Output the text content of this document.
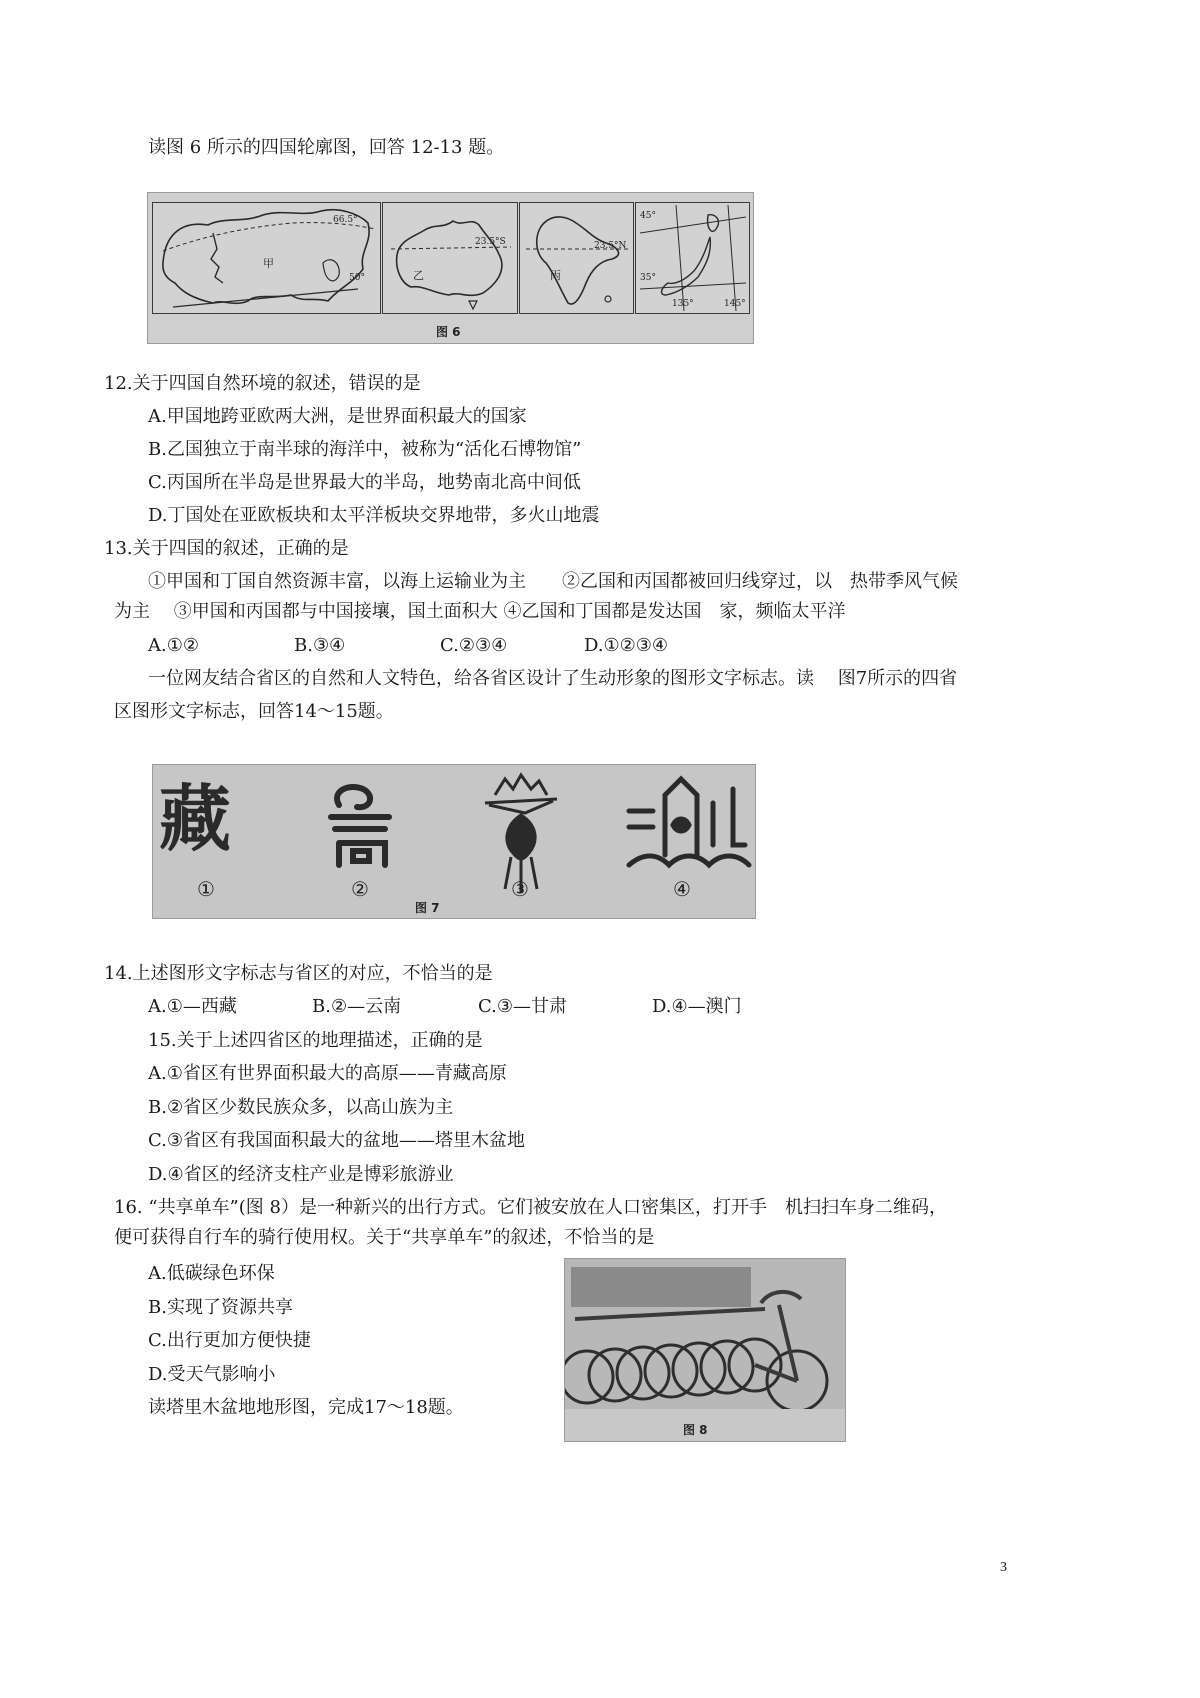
读图 6 所示的四国轮廓图，回答 12-13 题。
甲
66.5°
50°	乙
23.5°S
丙
23.5°N
45°
35°
135°	145°
图 6
12.关于四国自然环境的叙述，错误的是
A.甲国地跨亚欧两大洲，是世界面积最大的国家
B.乙国独立于南半球的海洋中，被称为“活化石博物馆”
C.丙国所在半岛是世界最大的半岛，地势南北高中间低
D.丁国处在亚欧板块和太平洋板块交界地带，多火山地震
13.关于四国的叙述，正确的是
①甲国和丁国自然资源丰富，以海上运输业为主　　②乙国和丙国都被回归线穿过，以　热带季风气候
为主　 ③甲国和丙国都与中国接壤，国土面积大 ④乙国和丁国都是发达国　家，频临太平洋
A.①②	B.③④	C.②③④	D.①②③④
一位网友结合省区的自然和人文特色，给各省区设计了生动形象的图形文字标志。读　 图7所示的四省
区图形文字标志，回答14～15题。
藏
①	②	③	④
图 7
14.上述图形文字标志与省区的对应，不恰当的是
A.①—西藏	B.②—云南	C.③—甘肃	D.④—澳门
15.关于上述四省区的地理描述，正确的是
A.①省区有世界面积最大的高原——青藏高原
B.②省区少数民族众多，以高山族为主
C.③省区有我国面积最大的盆地——塔里木盆地
D.④省区的经济支柱产业是博彩旅游业
16. “共享单车”(图 8）是一种新兴的出行方式。它们被安放在人口密集区，打开手　机扫扫车身二维码，
便可获得自行车的骑行使用权。关于“共享单车”的叙述，不恰当的是
A.低碳绿色环保
B.实现了资源共享
C.出行更加方便快捷
D.受天气影响小
图 8
读塔里木盆地地形图，完成17～18题。
3
